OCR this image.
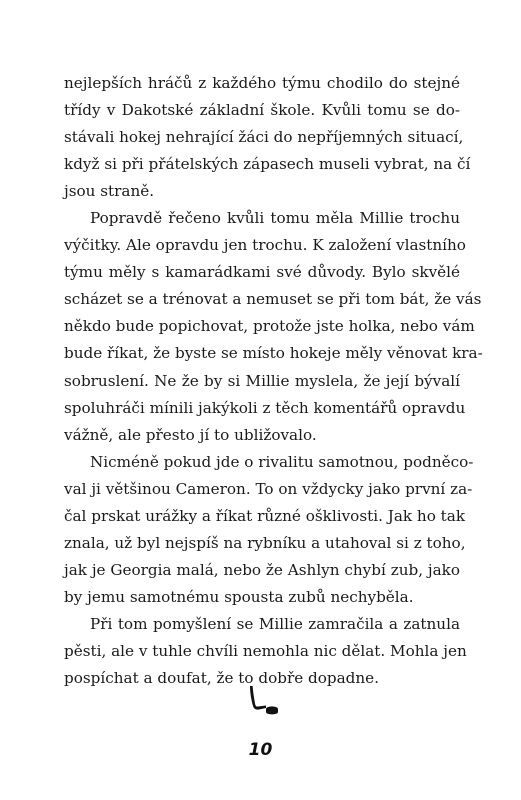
nejlepších hráčů z každého týmu chodilo do stejné
třídy v Dakotské základní škole. Kvůli tomu se do-
stávali hokej nehrající žáci do nepříjemných situací,
když si při přátelských zápasech museli vybrat, na čí
jsou straně.
Popravdě řečeno kvůli tomu měla Millie trochu
výčitky. Ale opravdu jen trochu. K založení vlastního
týmu měly s kamarádkami své důvody. Bylo skvělé
scházet se a trénovat a nemuset se při tom bát, že vás
někdo bude popichovat, protože jste holka, nebo vám
bude říkat, že byste se místo hokeje měly věnovat kra-
sobruslení. Ne že by si Millie myslela, že její bývalí
spoluhráči mínili jakýkoli z těch komentářů opravdu
vážně, ale přesto jí to ubližovalo.
Nicméně pokud jde o rivalitu samotnou, podněco-
val ji většinou Cameron. To on vždycky jako první za-
čal prskat urážky a říkat různé ošklivosti. Jak ho tak
znala, už byl nejspíš na rybníku a utahoval si z toho,
jak je Georgia malá, nebo že Ashlyn chybí zub, jako
by jemu samotnému spousta zubů nechyběla.
Při tom pomyšlení se Millie zamračila a zatnula
pěsti, ale v tuhle chvíli nemohla nic dělat. Mohla jen
pospíchat a doufat, že to dobře dopadne.
10
